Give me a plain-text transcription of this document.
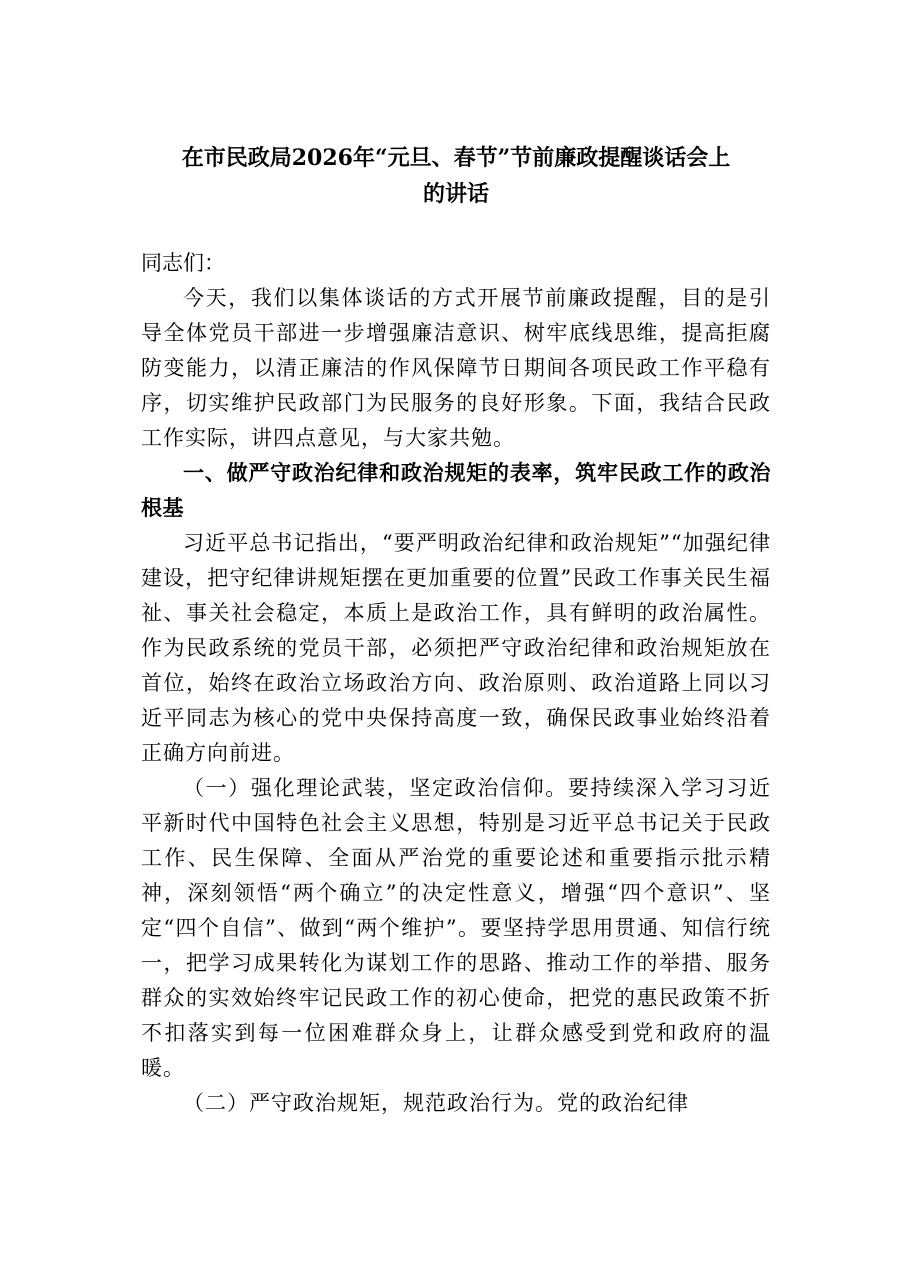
在市民政局2026年“元旦、春节”节前廉政提醒谈话会上
的讲话
同志们：

今天，我们以集体谈话的方式开展节前廉政提醒，目的是引导全体党员干部进一步增强廉洁意识、树牢底线思维，提高拒腐防变能力，以清正廉洁的作风保障节日期间各项民政工作平稳有序，切实维护民政部门为民服务的良好形象。下面，我结合民政工作实际，讲四点意见，与大家共勉。

一、做严守政治纪律和政治规矩的表率，筑牢民政工作的政治根基

习近平总书记指出，“要严明政治纪律和政治规矩”“加强纪律建设，把守纪律讲规矩摆在更加重要的位置”民政工作事关民生福祉、事关社会稳定，本质上是政治工作，具有鲜明的政治属性。作为民政系统的党员干部，必须把严守政治纪律和政治规矩放在首位，始终在政治立场政治方向、政治原则、政治道路上同以习近平同志为核心的党中央保持高度一致，确保民政事业始终沿着正确方向前进。

（一）强化理论武装，坚定政治信仰。要持续深入学习习近平新时代中国特色社会主义思想，特别是习近平总书记关于民政工作、民生保障、全面从严治党的重要论述和重要指示批示精神，深刻领悟“两个确立”的决定性意义，增强“四个意识”、坚定“四个自信”、做到“两个维护”。要坚持学思用贯通、知信行统一，把学习成果转化为谋划工作的思路、推动工作的举措、服务群众的实效始终牢记民政工作的初心使命，把党的惠民政策不折不扣落实到每一位困难群众身上，让群众感受到党和政府的温暖。

（二）严守政治规矩，规范政治行为。党的政治纪律
